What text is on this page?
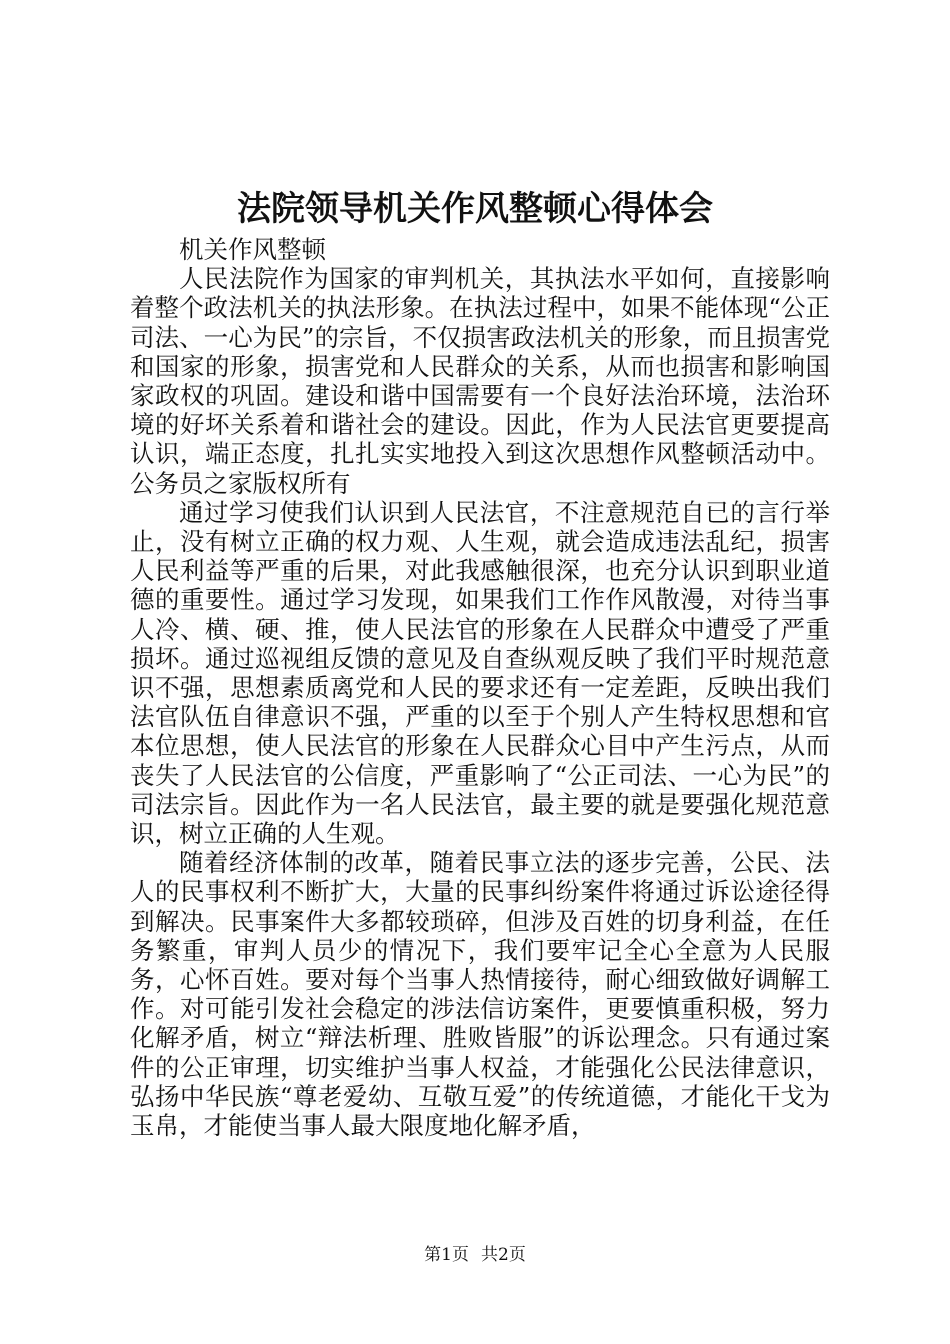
法院领导机关作风整顿心得体会

机关作风整顿

人民法院作为国家的审判机关，其执法水平如何，直接影响着整个政法机关的执法形象。在执法过程中，如果不能体现“公正司法、一心为民”的宗旨，不仅损害政法机关的形象，而且损害党和国家的形象，损害党和人民群众的关系，从而也损害和影响国家政权的巩固。建设和谐中国需要有一个良好法治环境，法治环境的好坏关系着和谐社会的建设。因此，作为人民法官更要提高认识，端正态度，扎扎实实地投入到这次思想作风整顿活动中。公务员之家版权所有

通过学习使我们认识到人民法官，不注意规范自已的言行举止，没有树立正确的权力观、人生观，就会造成违法乱纪，损害人民利益等严重的后果，对此我感触很深，也充分认识到职业道德的重要性。通过学习发现，如果我们工作作风散漫，对待当事人冷、横、硬、推，使人民法官的形象在人民群众中遭受了严重损坏。通过巡视组反馈的意见及自查纵观反映了我们平时规范意识不强，思想素质离党和人民的要求还有一定差距，反映出我们法官队伍自律意识不强，严重的以至于个别人产生特权思想和官本位思想，使人民法官的形象在人民群众心目中产生污点，从而丧失了人民法官的公信度，严重影响了“公正司法、一心为民”的司法宗旨。因此作为一名人民法官，最主要的就是要强化规范意识，树立正确的人生观。

随着经济体制的改革，随着民事立法的逐步完善，公民、法人的民事权利不断扩大，大量的民事纠纷案件将通过诉讼途径得到解决。民事案件大多都较琐碎，但涉及百姓的切身利益，在任务繁重，审判人员少的情况下，我们要牢记全心全意为人民服务，心怀百姓。要对每个当事人热情接待，耐心细致做好调解工作。对可能引发社会稳定的涉法信访案件，更要慎重积极，努力化解矛盾，树立“辩法析理、胜败皆服”的诉讼理念。只有通过案件的公正审理，切实维护当事人权益，才能强化公民法律意识，弘扬中华民族“尊老爱幼、互敬互爱”的传统道德，才能化干戈为玉帛，才能使当事人最大限度地化解矛盾，

第1页 共2页
